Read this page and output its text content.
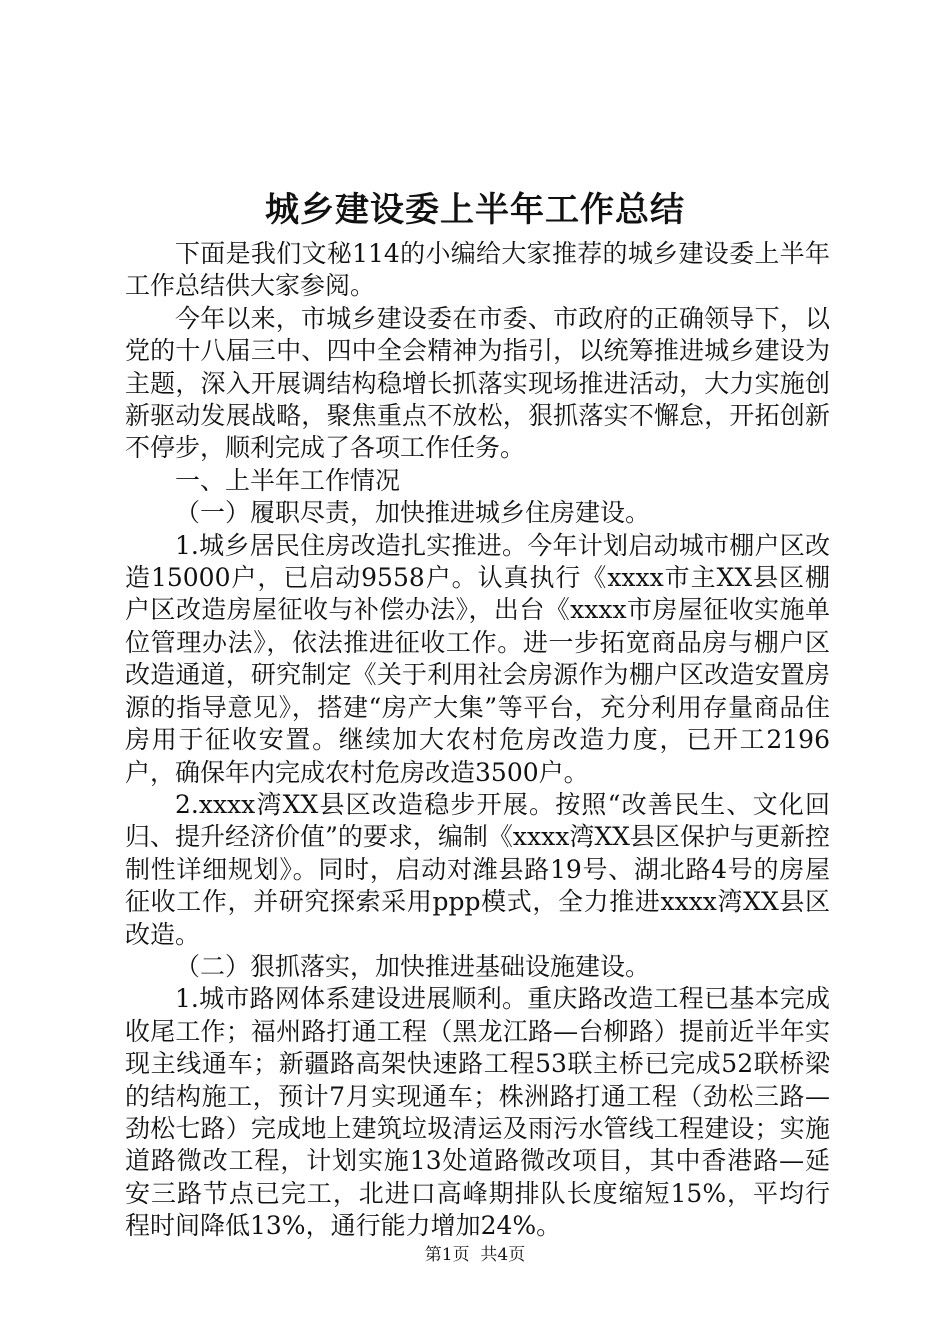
城乡建设委上半年工作总结

下面是我们文秘114的小编给大家推荐的城乡建设委上半年工作总结供大家参阅。

今年以来，市城乡建设委在市委、市政府的正确领导下，以党的十八届三中、四中全会精神为指引，以统筹推进城乡建设为主题，深入开展调结构稳增长抓落实现场推进活动，大力实施创新驱动发展战略，聚焦重点不放松，狠抓落实不懈怠，开拓创新不停步，顺利完成了各项工作任务。

一、上半年工作情况

（一）履职尽责，加快推进城乡住房建设。

1.城乡居民住房改造扎实推进。今年计划启动城市棚户区改造15000户，已启动9558户。认真执行《xxxx市主XX县区棚户区改造房屋征收与补偿办法》，出台《xxxx市房屋征收实施单位管理办法》，依法推进征收工作。进一步拓宽商品房与棚户区改造通道，研究制定《关于利用社会房源作为棚户区改造安置房源的指导意见》，搭建“房产大集”等平台，充分利用存量商品住房用于征收安置。继续加大农村危房改造力度，已开工2196户，确保年内完成农村危房改造3500户。

2.xxxx湾XX县区改造稳步开展。按照“改善民生、文化回归、提升经济价值”的要求，编制《xxxx湾XX县区保护与更新控制性详细规划》。同时，启动对潍县路19号、湖北路4号的房屋征收工作，并研究探索采用ppp模式，全力推进xxxx湾XX县区改造。

（二）狠抓落实，加快推进基础设施建设。

1.城市路网体系建设进展顺利。重庆路改造工程已基本完成收尾工作；福州路打通工程（黑龙江路—台柳路）提前近半年实现主线通车；新疆路高架快速路工程53联主桥已完成52联桥梁的结构施工，预计7月实现通车；株洲路打通工程（劲松三路—劲松七路）完成地上建筑垃圾清运及雨污水管线工程建设；实施道路微改工程，计划实施13处道路微改项目，其中香港路—延安三路节点已完工，北进口高峰期排队长度缩短15%，平均行程时间降低13%，通行能力增加24%。

第1页  共4页
